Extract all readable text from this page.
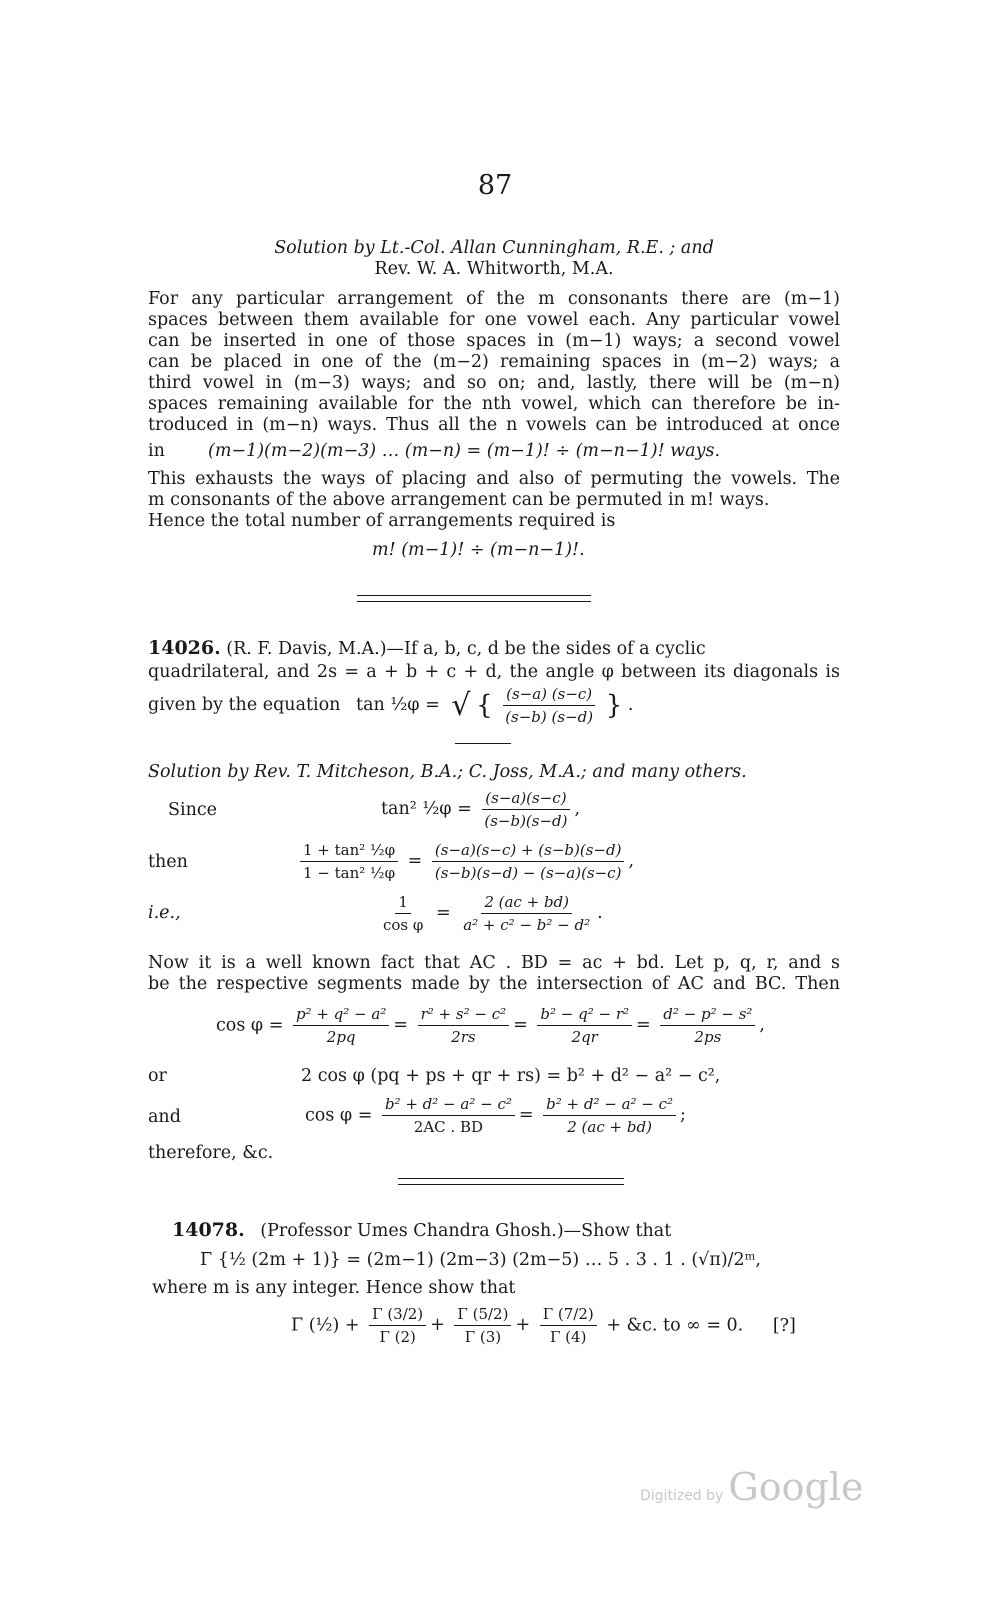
87
Solution by Lt.-Col. Allan Cunningham, R.E. ; and
Rev. W. A. Whitworth, M.A.
For any particular arrangement of the m consonants there are (m−1)
spaces between them available for one vowel each. Any particular vowel
can be inserted in one of those spaces in (m−1) ways; a second vowel
can be placed in one of the (m−2) remaining spaces in (m−2) ways; a
third vowel in (m−3) ways; and so on; and, lastly, there will be (m−n)
spaces remaining available for the nth vowel, which can therefore be in-
troduced in (m−n) ways. Thus all the n vowels can be introduced at once
in (m−1)(m−2)(m−3) … (m−n) = (m−1)! ÷ (m−n−1)! ways.
This exhausts the ways of placing and also of permuting the vowels. The
m consonants of the above arrangement can be permuted in m! ways.
Hence the total number of arrangements required is
m! (m−1)! ÷ (m−n−1)!.
14026. (R. F. Davis, M.A.)—If a, b, c, d be the sides of a cyclic
quadrilateral, and 2s = a + b + c + d, the angle φ between its diagonals is
given by the equation tan ½φ = √ { $\frac{(s-a) (s-c)}{(s-b) (s-d)}$ } .
Solution by Rev. T. Mitcheson, B.A.; C. Joss, M.A.; and many others.
Since	tan² ½φ = $\frac{(s-a)(s-c)}{(s-b)(s-d)}$ ,
then	$\frac{\text{1 + tan² ½φ}}{\text{1 − tan² ½φ}} = \frac{(s-a)(s-c) + (s-b)(s-d)}{(s-b)(s-d) - (s-a)(s-c)}$ ,
i.e.,	$\frac{1}{\text{cos φ}} = \frac{2 (ac + bd)}{\text{a² + c² − b² − d²}}$ .
Now it is a well known fact that AC . BD = ac + bd. Let p, q, r, and s
be the respective segments made by the intersection of AC and BC. Then
$\cos \varphi = \frac{\text{p² + q² − a²}}{2pq} = \frac{\text{r² + s² − c²}}{2rs} = \frac{\text{b² − q² − r²}}{2qr} = \frac{\text{d² − p² − s²}}{2ps}$ ,
or	2 cos φ (pq + ps + qr + rs) = b² + d² − a² − c²,
and	$\cos \varphi = \frac{\text{b² + d² − a² − c²}}{2AC . BD} = \frac{\text{b² + d² − a² − c²}}{2 (ac + bd)}$ ;
therefore, &c.
14078. (Professor Umes Chandra Ghosh.)—Show that
Γ {½ (2m + 1)} = (2m−1) (2m−3) (2m−5) … 5 . 3 . 1 . (√π)/2ᵐ,
where m is any integer. Hence show that
Γ (½) + $\frac{\Gamma (3/2)}{\Gamma (2)} + \frac{\Gamma (5/2)}{\Gamma (3)} + \frac{\Gamma (7/2)}{\Gamma (4)}$ + &c. to ∞ = 0. [?]
Digitized by Google
